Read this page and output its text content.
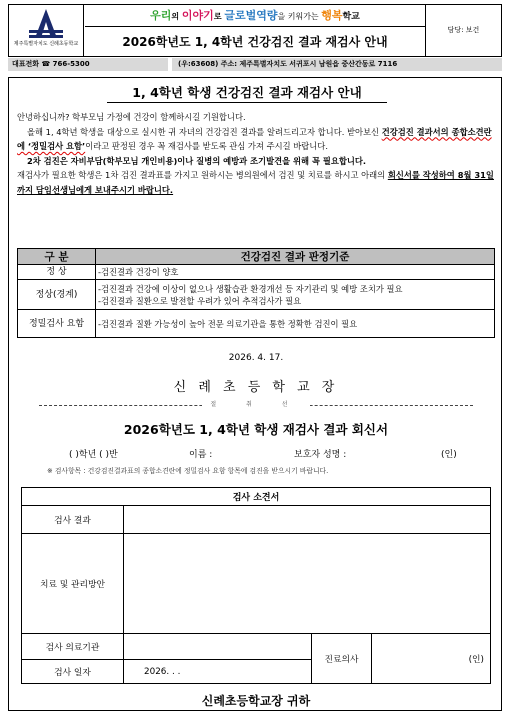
제주특별자치도 신례초등학교
우리의 이야기로 글로벌역량을 키워가는 행복학교
2026학년도 1, 4학년 건강검진 결과 재검사 안내
담당: 보건
대표전화 ☎ 766-5300	(우:63608) 주소: 제주특별자치도 서귀포시 남원읍 중산간동로 7116
1, 4학년 학생 건강검진 결과 재검사 안내

안녕하십니까? 학부모님 가정에 건강이 함께하시길 기원합니다.

올해 1, 4학년 학생을 대상으로 실시한 귀 자녀의 건강검진 결과를 알려드리고자 합니다. 받아보신 건강검진 결과서의 종합소견란에 ‘정밀검사 요함’이라고 판정된 경우 꼭 재검사를 받도록 관심 가져 주시길 바랍니다.

2차 검진은 자비부담(학부모님 개인비용)이나 질병의 예방과 조기발견을 위해 꼭 필요합니다.

재검사가 필요한 학생은 1차 검진 결과표를 가지고 원하시는 병의원에서 검진 및 치료를 하시고 아래의 회신서를 작성하여 8월 31일까지 담임선생님에게 보내주시기 바랍니다.

구 분	건강검진 결과 판정기준
정 상	-검진결과 건강이 양호
정상(경계)	-검진결과 건강에 이상이 없으나 생활습관 환경개선 등 자기관리 및 예방 조치가 필요
-검진결과 질환으로 발전할 우려가 있어 추적검사가 필요
정밀검사 요함	-검진결과 질환 가능성이 높아 전문 의료기관을 통한 정확한 검진이 필요
2026. 4. 17.
신 례 초 등 학 교 장
절 취 선
2026학년도 1, 4학년 학생 재검사 결과 회신서
( )학년 ( )반	이름 :	보호자 성명 :	(인)
※ 검사항목 : 건강검진결과표의 종합소견란에 정밀검사 요함 항목에 검진을 받으시기 바랍니다.
검사 소견서			
검사 결과			
치료 및 관리방안			
검사 의료기관		진료의사	(인)
검사 일자	2026. . .		
신례초등학교장 귀하
